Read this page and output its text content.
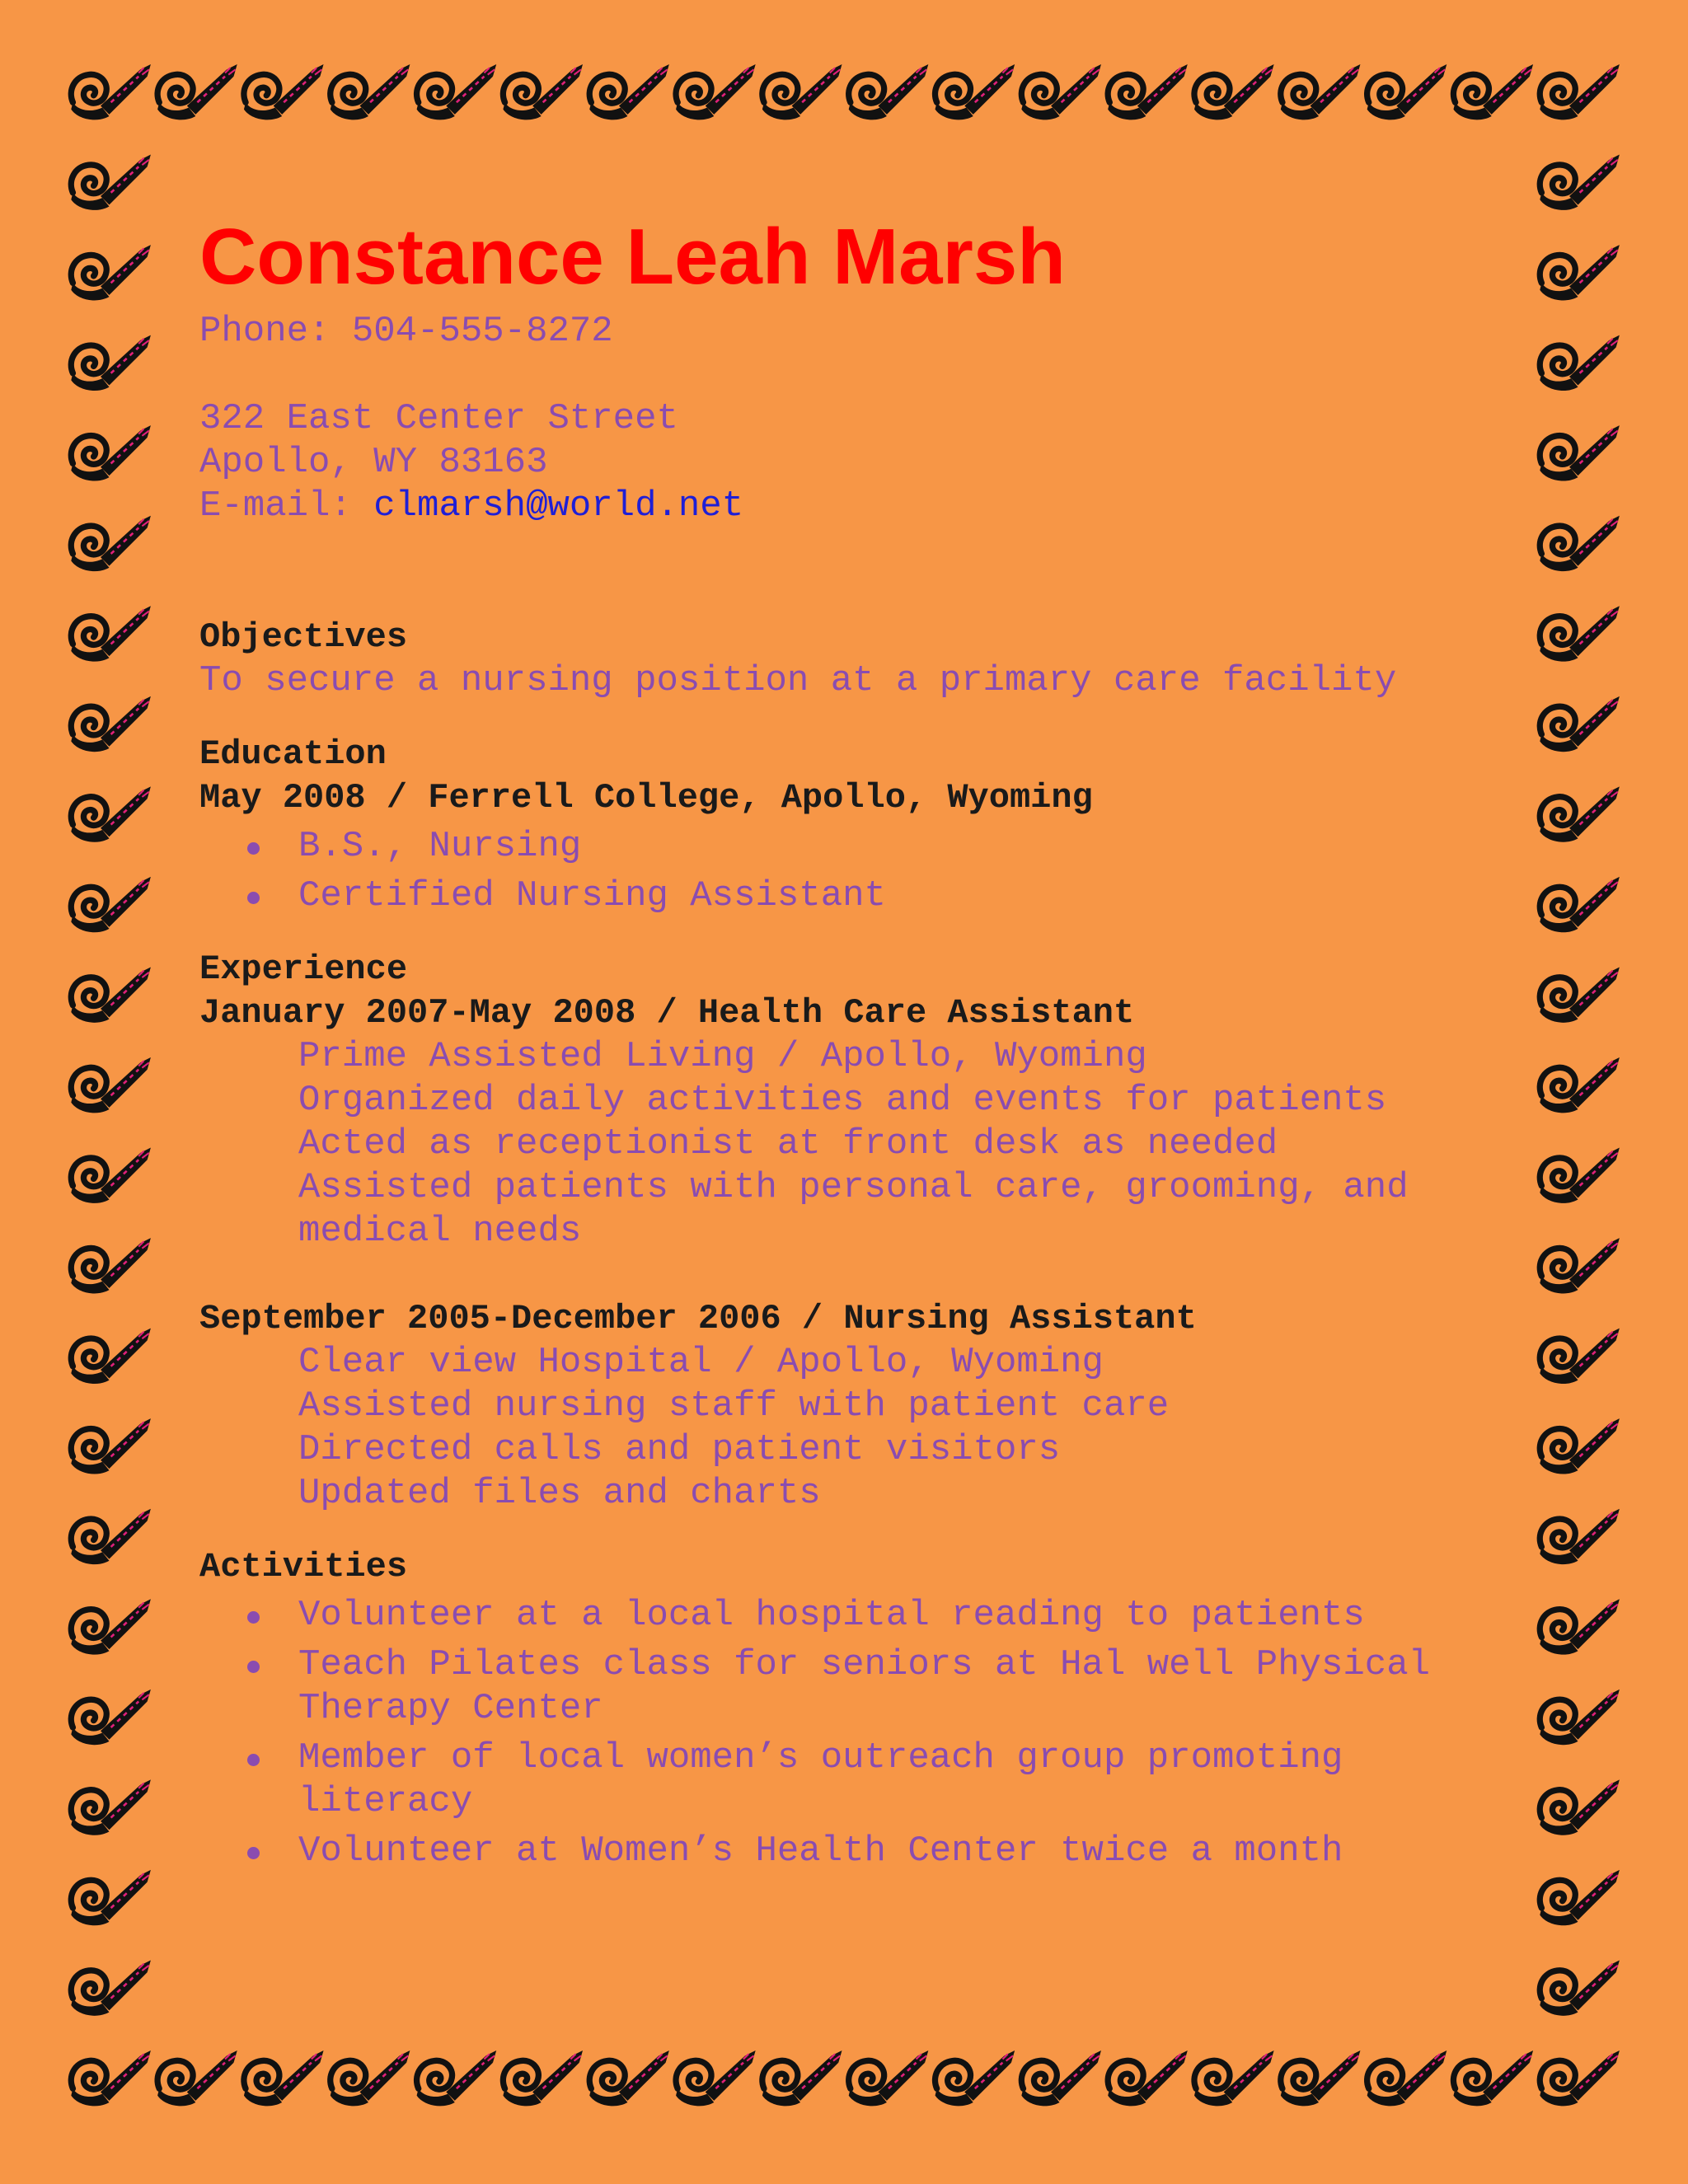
Constance Leah Marsh
Phone: 504-555-8272
322 East Center Street
Apollo, WY 83163
E-mail: clmarsh@world.net
Objectives
To secure a nursing position at a primary care facility
Education
May 2008 / Ferrell College, Apollo, Wyoming
B.S., Nursing
Certified Nursing Assistant
Experience
January 2007-May 2008 / Health Care Assistant
Prime Assisted Living / Apollo, Wyoming
Organized daily activities and events for patients
Acted as receptionist at front desk as needed
Assisted patients with personal care, grooming, and medical needs
September 2005-December 2006 / Nursing Assistant
Clear view Hospital / Apollo, Wyoming
Assisted nursing staff with patient care
Directed calls and patient visitors
Updated files and charts
Activities
Volunteer at a local hospital reading to patients
Teach Pilates class for seniors at Hal well Physical Therapy Center
Member of local women’s outreach group promoting literacy
Volunteer at Women’s Health Center twice a month
